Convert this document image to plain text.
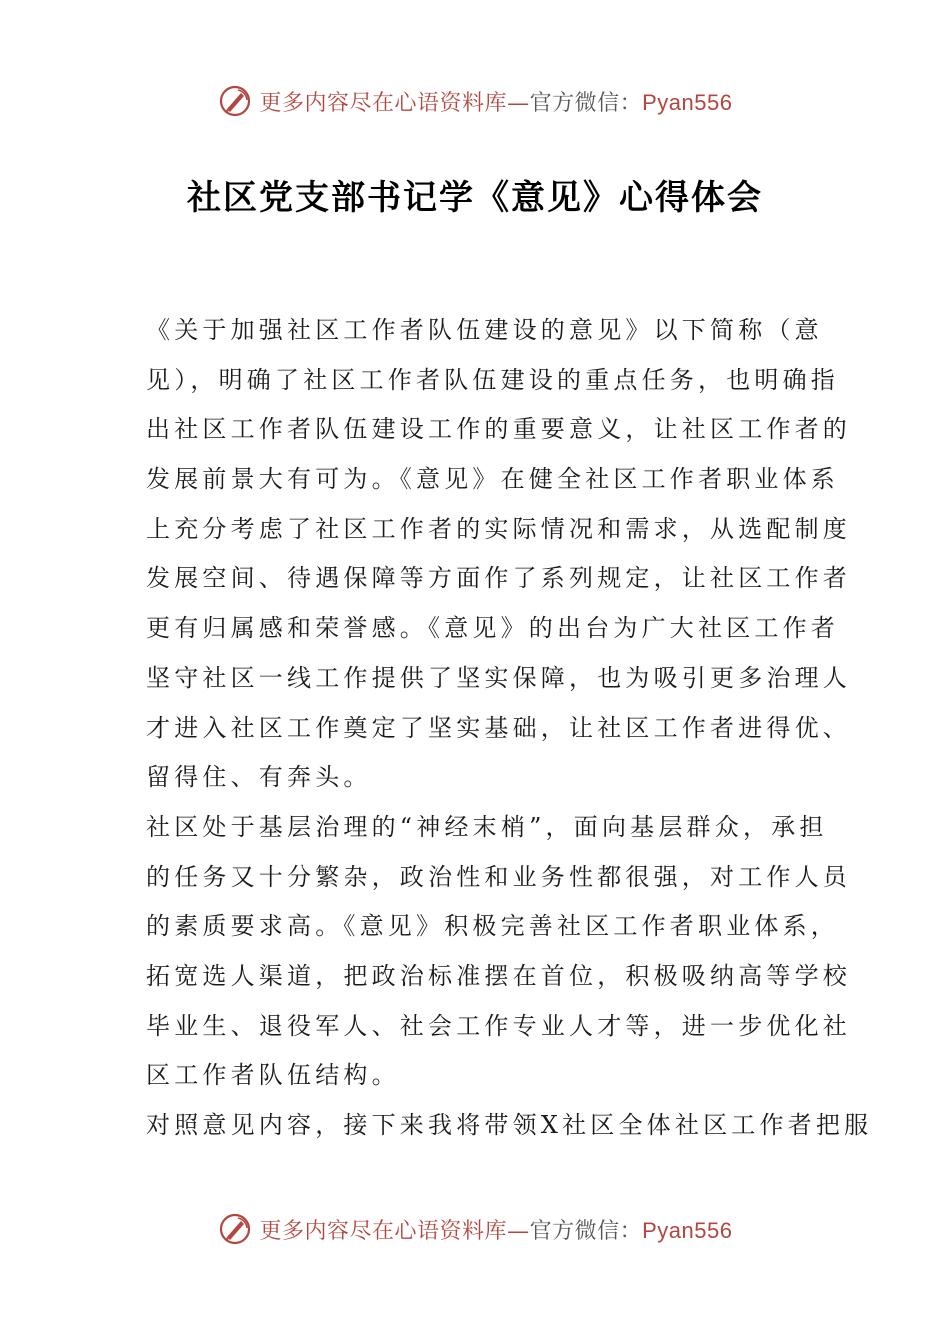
更多内容尽在心语资料库—官方微信：Pyan556
社区党支部书记学《意见》心得体会
《关于加强社区工作者队伍建设的意见》以下简称（意
见），明确了社区工作者队伍建设的重点任务，也明确指
出社区工作者队伍建设工作的重要意义，让社区工作者的
发展前景大有可为。《意见》在健全社区工作者职业体系
上充分考虑了社区工作者的实际情况和需求，从选配制度
发展空间、待遇保障等方面作了系列规定，让社区工作者
更有归属感和荣誉感。《意见》的出台为广大社区工作者
坚守社区一线工作提供了坚实保障，也为吸引更多治理人
才进入社区工作奠定了坚实基础，让社区工作者进得优、
留得住、有奔头。
社区处于基层治理的“神经末梢”，面向基层群众，承担
的任务又十分繁杂，政治性和业务性都很强，对工作人员
的素质要求高。《意见》积极完善社区工作者职业体系，
拓宽选人渠道，把政治标准摆在首位，积极吸纳高等学校
毕业生、退役军人、社会工作专业人才等，进一步优化社
区工作者队伍结构。
对照意见内容，接下来我将带领X社区全体社区工作者把服
更多内容尽在心语资料库—官方微信：Pyan556
